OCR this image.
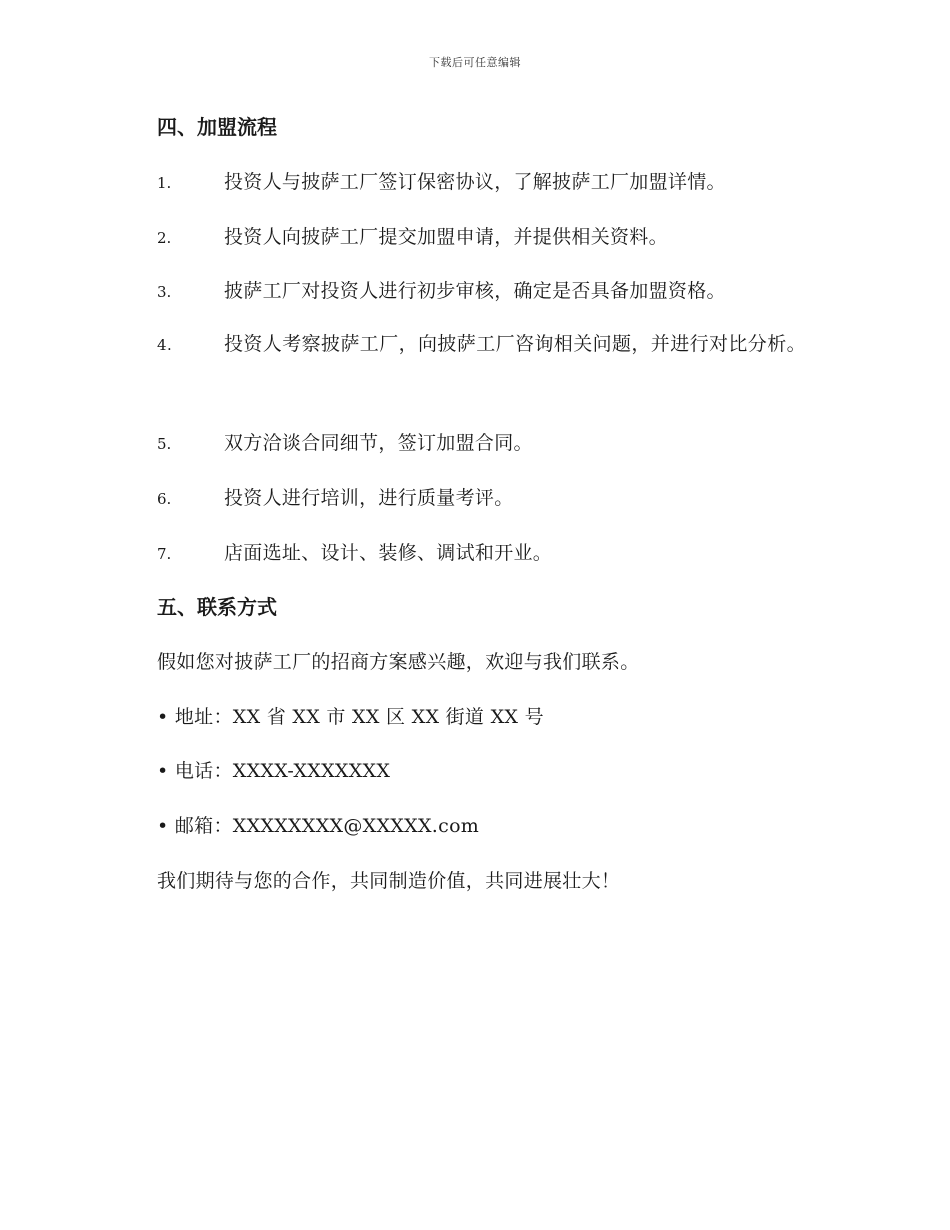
下载后可任意编辑
四、加盟流程
1.	投资人与披萨工厂签订保密协议，了解披萨工厂加盟详情。
2.	投资人向披萨工厂提交加盟申请，并提供相关资料。
3.	披萨工厂对投资人进行初步审核，确定是否具备加盟资格。
4.	投资人考察披萨工厂，向披萨工厂咨询相关问题，并进行对比分析。
5.	双方洽谈合同细节，签订加盟合同。
6.	投资人进行培训，进行质量考评。
7.	店面选址、设计、装修、调试和开业。
五、联系方式
假如您对披萨工厂的招商方案感兴趣，欢迎与我们联系。
• 地址：XX 省 XX 市 XX 区 XX 街道 XX 号
• 电话：XXXX-XXXXXXX
• 邮箱：XXXXXXXX@XXXXX.com
我们期待与您的合作，共同制造价值，共同进展壮大！
